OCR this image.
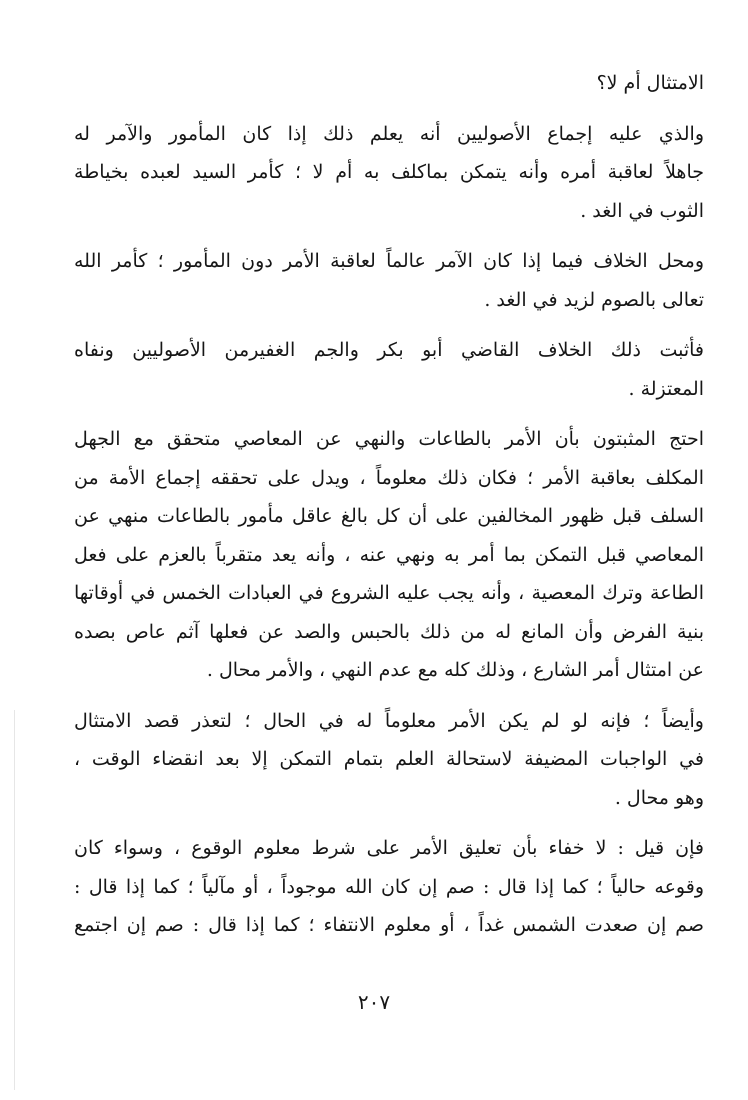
الامتثال أم لا؟

والذي عليه إجماع الأصوليين أنه يعلم ذلك إذا كان المأمور والآمر له
جاهلاً لعاقبة أمره وأنه يتمكن بماكلف به أم لا ؛ كأمر السيد لعبده بخياطة
الثوب في الغد .

ومحل الخلاف فيما إذا كان الآمر عالماً لعاقبة الأمر دون المأمور ؛ كأمر الله
تعالى بالصوم لزيد في الغد .

فأثبت ذلك الخلاف القاضي أبو بكر والجم الغفيرمن الأصوليين ونفاه
المعتزلة .

احتج المثبتون بأن الأمر بالطاعات والنهي عن المعاصي متحقق مع الجهل
المكلف بعاقبة الأمر ؛ فكان ذلك معلوماً ، ويدل على تحققه إجماع الأمة من
السلف قبل ظهور المخالفين على أن كل بالغ عاقل مأمور بالطاعات منهي عن
المعاصي قبل التمكن بما أمر به ونهي عنه ، وأنه يعد متقرباً بالعزم على فعل
الطاعة وترك المعصية ، وأنه يجب عليه الشروع في العبادات الخمس في أوقاتها
بنية الفرض وأن المانع له من ذلك بالحبس والصد عن فعلها آثم عاص بصده
عن امتثال أمر الشارع ، وذلك كله مع عدم النهي ، والأمر محال .

وأيضاً ؛ فإنه لو لم يكن الأمر معلوماً له في الحال ؛ لتعذر قصد الامتثال
في الواجبات المضيفة لاستحالة العلم بتمام التمكن إلا بعد انقضاء الوقت ،
وهو محال .

فإن قيل : لا خفاء بأن تعليق الأمر على شرط معلوم الوقوع ، وسواء كان
وقوعه حالياً ؛ كما إذا قال : صم إن كان الله موجوداً ، أو مآلياً ؛ كما إذا قال :
صم إن صعدت الشمس غداً ، أو معلوم الانتفاء ؛ كما إذا قال : صم إن اجتمع

٢٠٧
